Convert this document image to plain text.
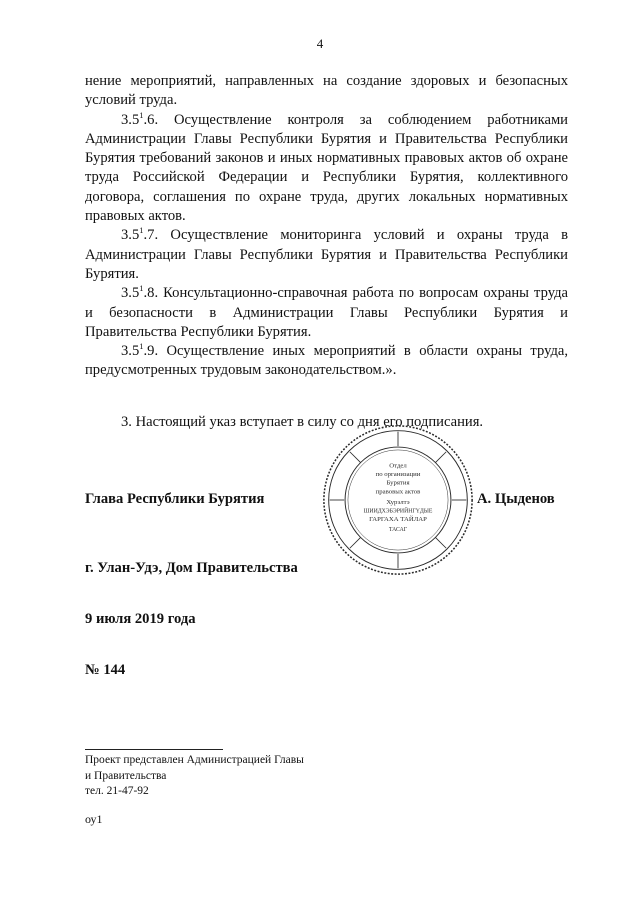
4

нение мероприятий, направленных на создание здоровых и безопасных условий труда.

$3.5^1.6$. Осуществление контроля за соблюдением работниками Администрации Главы Республики Бурятия и Правительства Республики Бурятия требований законов и иных нормативных правовых актов об охране труда Российской Федерации и Республики Бурятия, коллективного договора, соглашения по охране труда, других локальных нормативных правовых актов.

$3.5^1.7$. Осуществление мониторинга условий и охраны труда в Администрации Главы Республики Бурятия и Правительства Республики Бурятия.

$3.5^1.8$. Консультационно-справочная работа по вопросам охраны труда и безопасности в Администрации Главы Республики Бурятия и Правительства Республики Бурятия.

$3.5^1.9$. Осуществление иных мероприятий в области охраны труда, предусмотренных трудовым законодательством.».

3. Настоящий указ вступает в силу со дня его подписания.
Глава Республики Бурятия	А. Цыденов
Отдел
по организации
Бурятия
правовых актов
Хурэлтэ
ШИИДХЭБЭРИЙНГҮДЫЕ
ГАРГАХА ТАЙЛАР
ТАСАГ
г. Улан-Удэ, Дом Правительства
9 июля 2019 года
№ 144
Проект представлен Администрацией Главы
и Правительства
тел. 21-47-92
оу1
